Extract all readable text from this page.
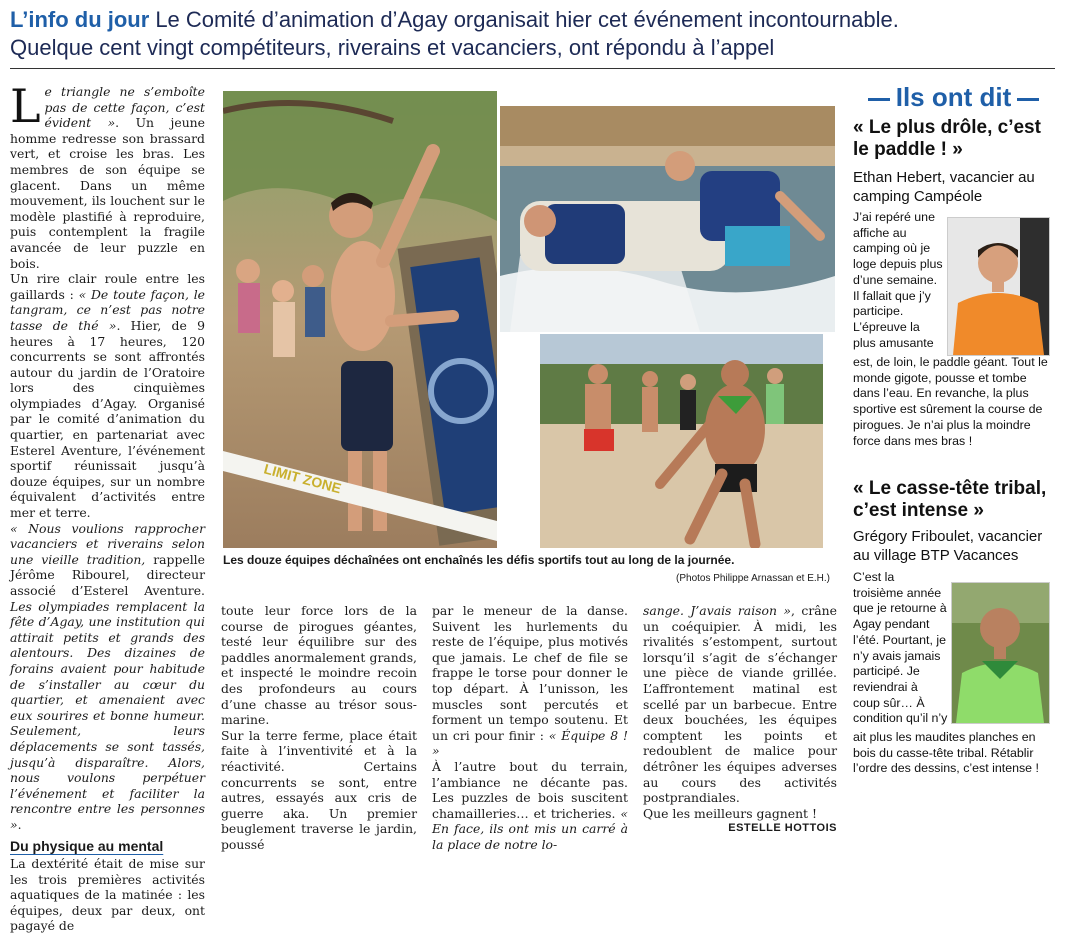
L’info du jour Le Comité d’animation d’Agay organisait hier cet événement incontournable.
Quelque cent vingt compétiteurs, riverains et vacanciers, ont répondu à l’appel

Le triangle ne s’emboîte pas de cette façon, c’est évident ». Un jeune homme redresse son brassard vert, et croise les bras. Les membres de son équipe se glacent. Dans un même mouvement, ils louchent sur le modèle plastifié à reproduire, puis contemplent la fragile avancée de leur puzzle en bois.

Un rire clair roule entre les gaillards : « De toute façon, le tangram, ce n’est pas notre tasse de thé ». Hier, de 9 heures à 17 heures, 120 concurrents se sont affrontés autour du jardin de l’Oratoire lors des cinquièmes olympiades d’Agay. Organisé par le comité d’animation du quartier, en partenariat avec Esterel Aventure, l’événement sportif réunissait jusqu’à douze équipes, sur un nombre équivalent d’activités entre mer et terre.

« Nous voulions rapprocher vacanciers et riverains selon une vieille tradition, rappelle Jérôme Ribourel, directeur associé d’Esterel Aventure. Les olympiades remplacent la fête d’Agay, une institution qui attirait petits et grands des alentours. Des dizaines de forains avaient pour habitude de s’installer au cœur du quartier, et amenaient avec eux sourires et bonne humeur. Seulement, leurs déplacements se sont tassés, jusqu’à disparaître. Alors, nous voulons perpétuer l’événement et faciliter la rencontre entre les personnes ».

Du physique au mental

La dextérité était de mise sur les trois premières activités aquatiques de la matinée : les équipes, deux par deux, ont pagayé de

LIMIT ZONE
Les douze équipes déchaînées ont enchaînés les défis sportifs tout au long de la journée.
(Photos Philippe Arnassan et E.H.)

toute leur force lors de la course de pirogues géantes, testé leur équilibre sur des paddles anormalement grands, et inspecté le moindre recoin des profondeurs au cours d’une chasse au trésor sous-marine.

Sur la terre ferme, place était faite à l’inventivité et à la réactivité. Certains concurrents se sont, entre autres, essayés aux cris de guerre aka. Un premier beuglement traverse le jardin, poussé

par le meneur de la danse. Suivent les hurlements du reste de l’équipe, plus motivés que jamais. Le chef de file se frappe le torse pour donner le top départ. À l’unisson, les muscles sont percutés et forment un tempo soutenu. Et un cri pour finir : « Équipe 8 ! »

À l’autre bout du terrain, l’ambiance ne décante pas. Les puzzles de bois suscitent chamailleries… et tricheries. « En face, ils ont mis un carré à la place de notre lo-

sange. J’avais raison », crâne un coéquipier. À midi, les rivalités s’estompent, surtout lorsqu’il s’agit de s’échanger une pièce de viande grillée. L’affrontement matinal est scellé par un barbecue. Entre deux bouchées, les équipes comptent les points et redoublent de malice pour détrôner les équipes adverses au cours des activités postprandiales.

Que les meilleurs gagnent !

ESTELLE HOTTOIS
Ils ont dit
« Le plus drôle, c’est le paddle ! »
Ethan Hebert, vacancier au camping Campéole
J’ai repéré une affiche au camping où je loge depuis plus d’une semaine. Il fallait que j’y participe. L’épreuve la plus amusante
« Le casse-tête tribal, c’est intense »
Grégory Friboulet, vacancier au village BTP Vacances
C’est la troisième année que je retourne à Agay pendant l’été. Pourtant, je n’y avais jamais participé. Je reviendrai à coup sûr… À condition qu’il n’y
ait plus les maudites planches en bois du casse-tête tribal. Rétablir l’ordre des dessins, c’est intense !
est, de loin, le paddle géant. Tout le monde gigote, pousse et tombe dans l’eau. En revanche, la plus sportive est sûrement la course de pirogues. Je n’ai plus la moindre force dans mes bras !
